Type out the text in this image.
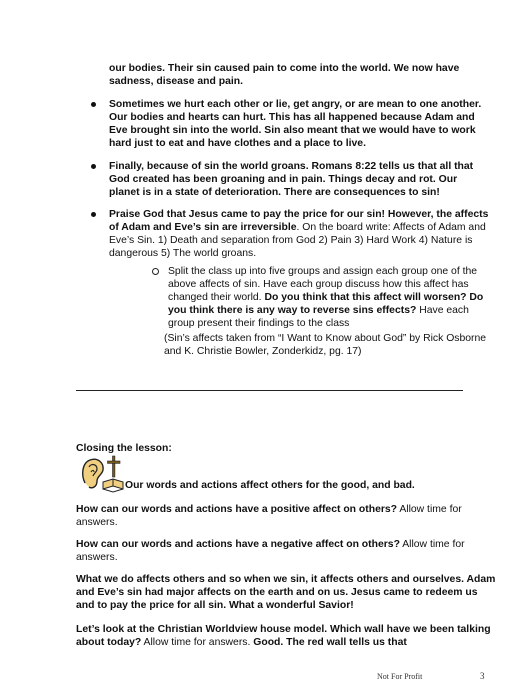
our bodies. Their sin caused pain to come into the world. We now have sadness, disease and pain.

Sometimes we hurt each other or lie, get angry, or are mean to one another. Our bodies and hearts can hurt. This has all happened because Adam and Eve brought sin into the world. Sin also meant that we would have to work hard just to eat and have clothes and a place to live.

Finally, because of sin the world groans. Romans 8:22 tells us that all that God created has been groaning and in pain. Things decay and rot. Our planet is in a state of deterioration. There are consequences to sin!

Praise God that Jesus came to pay the price for our sin! However, the affects of Adam and Eve’s sin are irreversible. On the board write: Affects of Adam and Eve’s Sin. 1) Death and separation from God 2) Pain 3) Hard Work 4) Nature is dangerous 5) The world groans.

Split the class up into five groups and assign each group one of the above affects of sin. Have each group discuss how this affect has changed their world. Do you think that this affect will worsen? Do you think there is any way to reverse sins effects? Have each group present their findings to the class

(Sin’s affects taken from “I Want to Know about God” by Rick Osborne and K. Christie Bowler, Zonderkidz, pg. 17)

Closing the lesson:

Our words and actions affect others for the good, and bad.

How can our words and actions have a positive affect on others? Allow time for answers.

How can our words and actions have a negative affect on others? Allow time for answers.

What we do affects others and so when we sin, it affects others and ourselves. Adam and Eve’s sin had major affects on the earth and on us. Jesus came to redeem us and to pay the price for all sin. What a wonderful Savior!

Let’s look at the Christian Worldview house model. Which wall have we been talking about today? Allow time for answers. Good. The red wall tells us that

Not For Profit	3
